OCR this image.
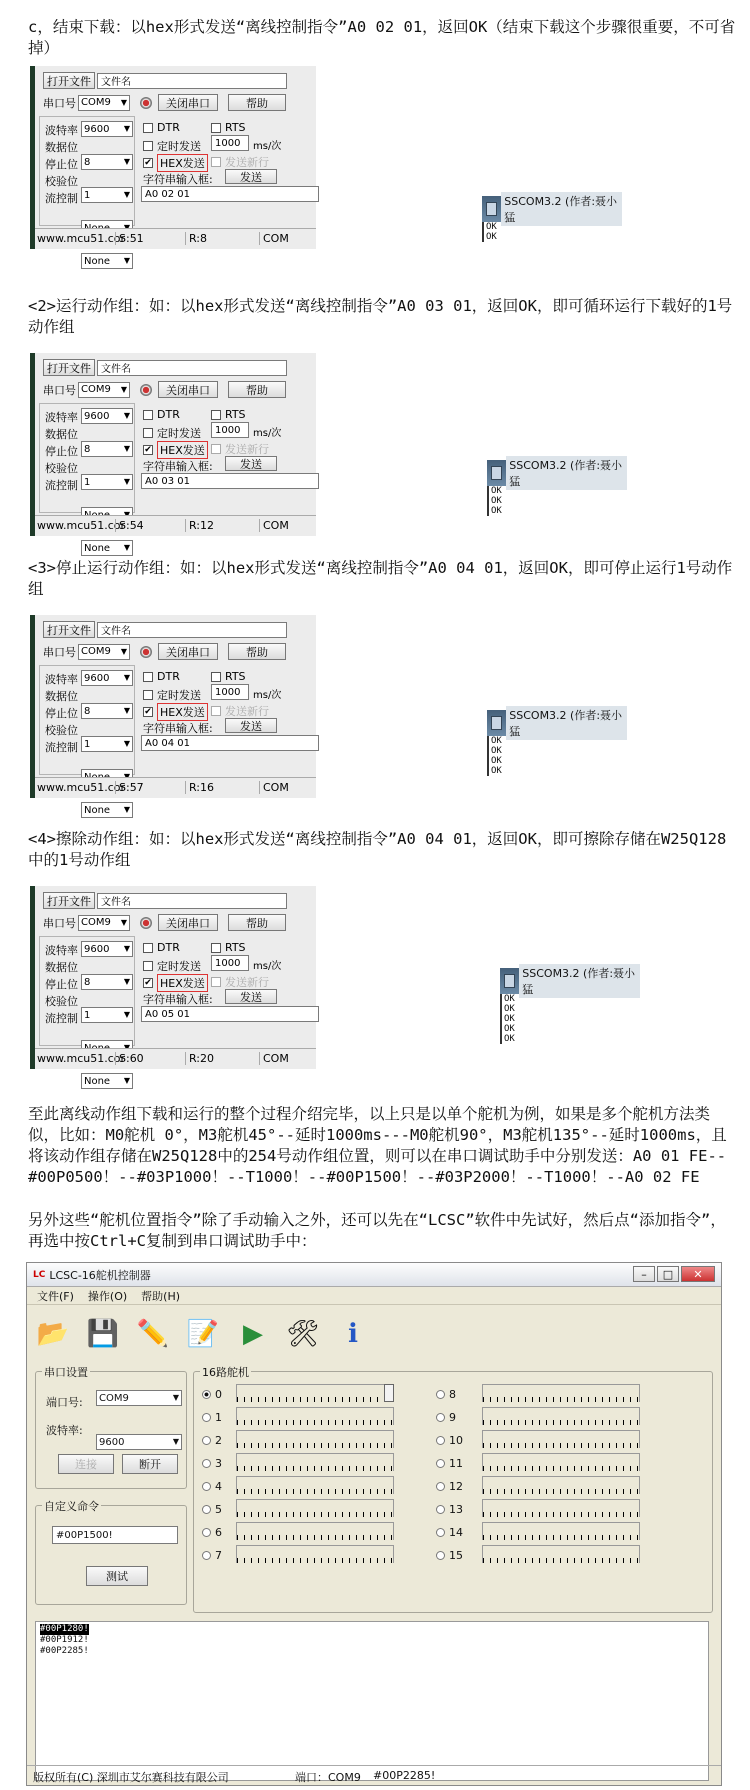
c，结束下载：以hex形式发送“离线控制指令”A0 02 01，返回OK（结束下载这个步骤很重要，不可省掉）
打开文件	文件名
串口号 COM9
▼	关闭串口	帮助
波特率 9600
▼
数据位
8
▼
停止位
1
▼
校验位
▼
流控制
None
▼
DTR	RTS
定时发送	1000	ms/次
✔ HEX发送 发送新行
字符串输入框:	发送
A0 02 01
www.mcu51.cor
S:51	R:8	COM
SSCOM3.2 (作者:聂小猛
OK
OK
<2>运行动作组：如：以hex形式发送“离线控制指令”A0 03 01，返回OK，即可循环运行下载好的1号动作组
打开文件	文件名
串口号 COM9
▼	关闭串口	帮助
波特率 9600
▼
数据位
8
▼
停止位
1
▼
校验位
▼
流控制
None
▼
DTR	RTS
定时发送	1000	ms/次
✔ HEX发送 发送新行
字符串输入框:	发送
A0 03 01
www.mcu51.cor
S:54	R:12	COM
SSCOM3.2 (作者:聂小猛
OK
OK
OK
<3>停止运行动作组：如：以hex形式发送“离线控制指令”A0 04 01，返回OK，即可停止运行1号动作组
打开文件	文件名
串口号 COM9
▼	关闭串口	帮助
波特率 9600
▼
数据位
8
▼
停止位
1
▼
校验位
▼
流控制
None
▼
DTR	RTS
定时发送	1000	ms/次
✔ HEX发送 发送新行
字符串输入框:	发送
A0 04 01
www.mcu51.cor
S:57	R:16	COM
SSCOM3.2 (作者:聂小猛
OK
OK
OK
OK
<4>擦除动作组：如：以hex形式发送“离线控制指令”A0 04 01，返回OK，即可擦除存储在W25Q128中的1号动作组
打开文件	文件名
串口号 COM9
▼	关闭串口	帮助
波特率 9600
▼
数据位
8
▼
停止位
1
▼
校验位
▼
流控制
None
▼
DTR	RTS
定时发送	1000	ms/次
✔ HEX发送 发送新行
字符串输入框:	发送
A0 05 01
www.mcu51.cor
S:60	R:20	COM
SSCOM3.2 (作者:聂小猛
OK
OK
OK
OK
OK
至此离线动作组下载和运行的整个过程介绍完毕，以上只是以单个舵机为例，如果是多个舵机方法类似，比如：M0舵机 0°，M3舵机45°--延时1000ms---M0舵机90°，M3舵机135°--延时1000ms，且将该动作组存储在W25Q128中的254号动作组位置，则可以在串口调试助手中分别发送：A0 01 FE--#00P0500！--#03P1000！--T1000！--#00P1500！--#03P2000！--T1000！--A0 02 FE
另外这些“舵机位置指令”除了手动输入之外，还可以先在“LCSC”软件中先试好，然后点“添加指令”，再选中按Ctrl+C复制到串口调试助手中：
LC LCSC-16舵机控制器	–	□	✕
文件(F) 操作(O) 帮助(H)
📂 💾 ✏️ 📝 ▶ 🛠	ℹ
串口设置
端口号: COM9
▼
波特率:
9600
▼
连接	断开
自定义命令
#00P1500!
测试
16路舵机
0
1
2
3
4
5
6
7
8
9
10
11
12
13
14
15
#00P1280!
#00P1912!
#00P2285!
版权所有(C) 深圳市艾尔赛科技有限公司	端口：COM9 #00P2285!
